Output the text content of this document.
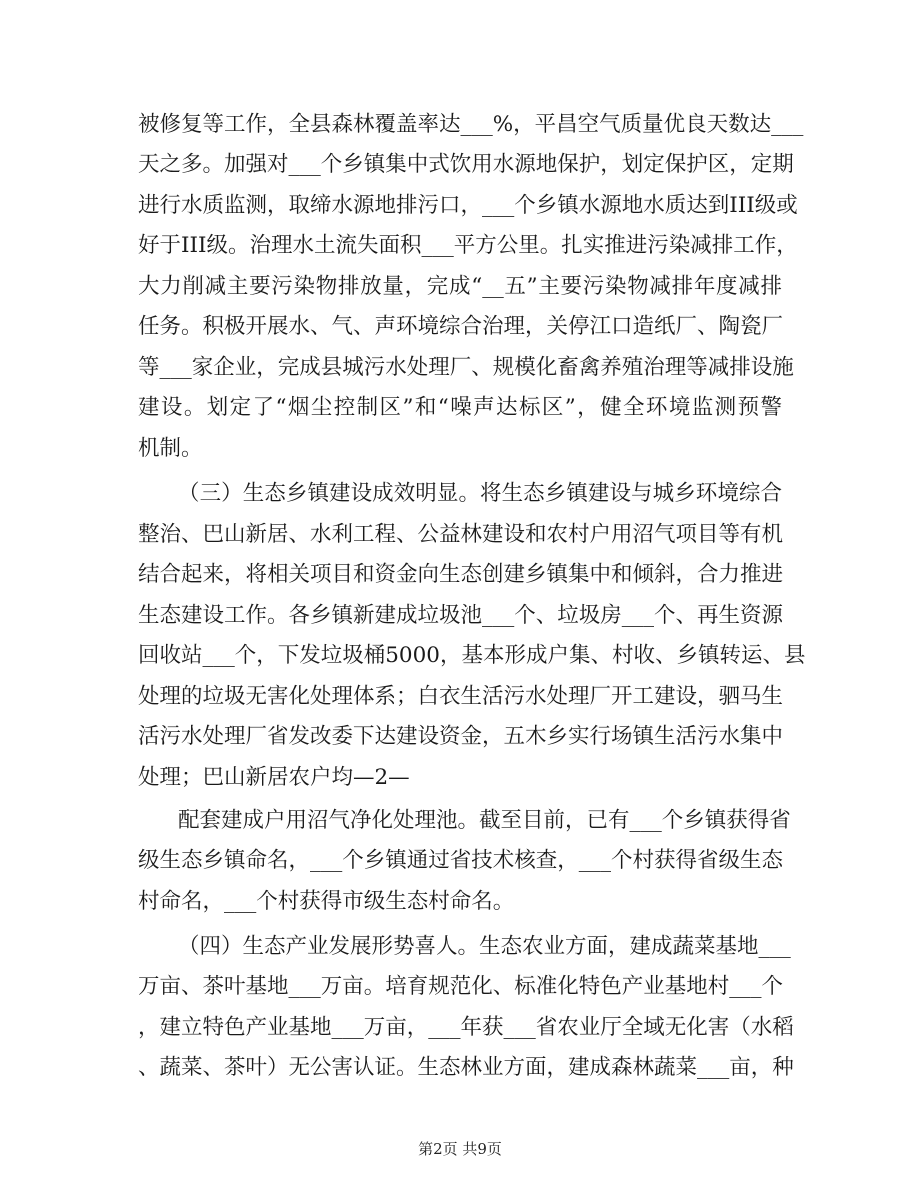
被修复等工作，全县森林覆盖率达___%，平昌空气质量优良天数达___
天之多。加强对___个乡镇集中式饮用水源地保护，划定保护区，定期
进行水质监测，取缔水源地排污口，___个乡镇水源地水质达到III级或
好于III级。治理水土流失面积___平方公里。扎实推进污染减排工作，
大力削减主要污染物排放量，完成“__五”主要污染物减排年度减排
任务。积极开展水、气、声环境综合治理，关停江口造纸厂、陶瓷厂
等___家企业，完成县城污水处理厂、规模化畜禽养殖治理等减排设施
建设。划定了“烟尘控制区”和“噪声达标区”，健全环境监测预警
机制。
（三）生态乡镇建设成效明显。将生态乡镇建设与城乡环境综合
整治、巴山新居、水利工程、公益林建设和农村户用沼气项目等有机
结合起来，将相关项目和资金向生态创建乡镇集中和倾斜，合力推进
生态建设工作。各乡镇新建成垃圾池___个、垃圾房___个、再生资源
回收站___个，下发垃圾桶5000，基本形成户集、村收、乡镇转运、县
处理的垃圾无害化处理体系；白衣生活污水处理厂开工建设，驷马生
活污水处理厂省发改委下达建设资金，五木乡实行场镇生活污水集中
处理；巴山新居农户均—2—
配套建成户用沼气净化处理池。截至目前，已有___个乡镇获得省
级生态乡镇命名，___个乡镇通过省技术核查，___个村获得省级生态
村命名，___个村获得市级生态村命名。
（四）生态产业发展形势喜人。生态农业方面，建成蔬菜基地___
万亩、茶叶基地___万亩。培育规范化、标准化特色产业基地村___个
，建立特色产业基地___万亩，___年获___省农业厅全域无化害（水稻
、蔬菜、茶叶）无公害认证。生态林业方面，建成森林蔬菜___亩，种
第2页 共9页
